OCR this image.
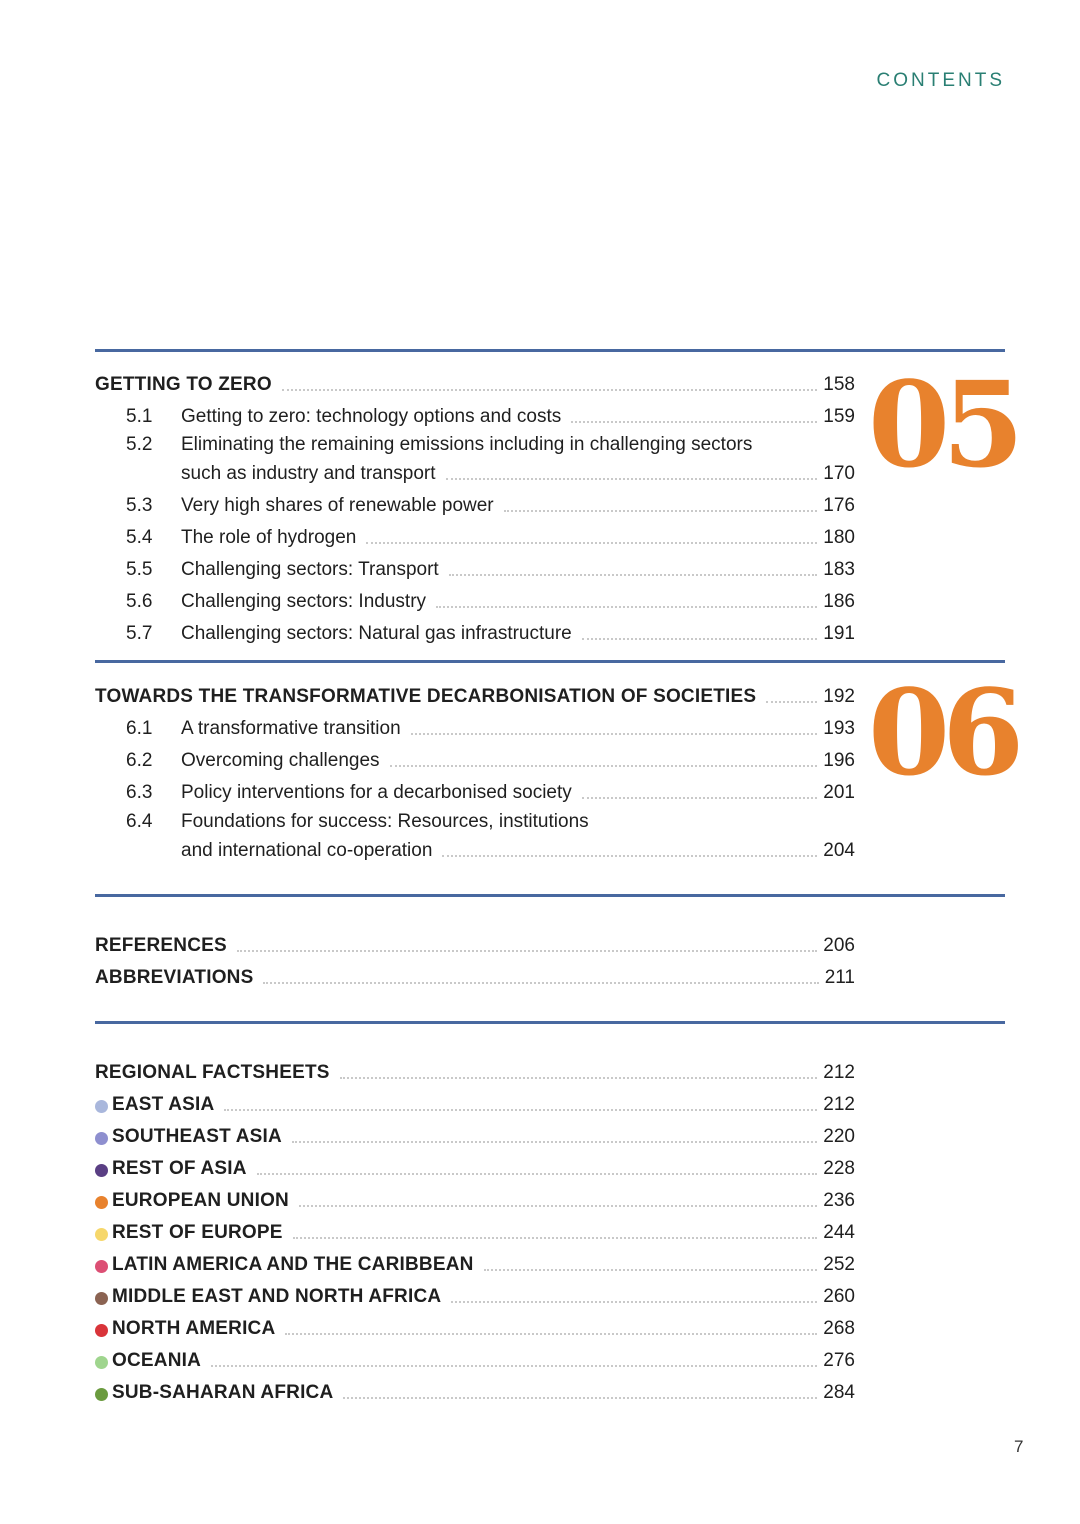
CONTENTS
05
GETTING TO ZERO	158
5.1	Getting to zero: technology options and costs	159
5.2 Eliminating the remaining emissions including in challenging sectors
such as industry and transport	170
5.3	Very high shares of renewable power	176
5.4	The role of hydrogen	180
5.5	Challenging sectors: Transport	183
5.6	Challenging sectors: Industry	186
5.7	Challenging sectors: Natural gas infrastructure	191
06
TOWARDS THE TRANSFORMATIVE DECARBONISATION OF SOCIETIES	192
6.1	A transformative transition	193
6.2	Overcoming challenges	196
6.3	Policy interventions for a decarbonised society	201
6.4 Foundations for success: Resources, institutions
and international co-operation	204
REFERENCES	206
ABBREVIATIONS	211
REGIONAL FACTSHEETS	212
EAST ASIA	212
SOUTHEAST ASIA	220
REST OF ASIA	228
EUROPEAN UNION	236
REST OF EUROPE	244
LATIN AMERICA AND THE CARIBBEAN	252
MIDDLE EAST AND NORTH AFRICA	260
NORTH AMERICA	268
OCEANIA	276
SUB-SAHARAN AFRICA	284
7
